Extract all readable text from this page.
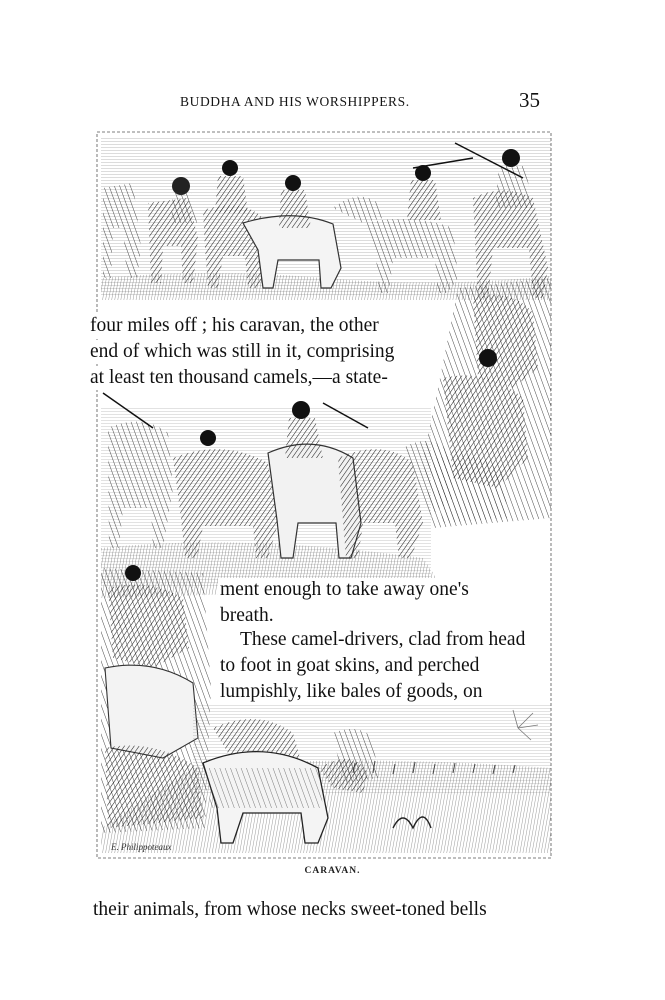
BUDDHA AND HIS WORSHIPPERS.	35
E. Philippoteaux
four miles off ; his caravan, the other
end of which was still in it, comprising
at least ten thousand camels,—a state-
ment enough to take away one's
breath.
These camel-drivers, clad from head
to foot in goat skins, and perched
lumpishly, like bales of goods, on
CARAVAN.
their animals, from whose necks sweet-toned bells
